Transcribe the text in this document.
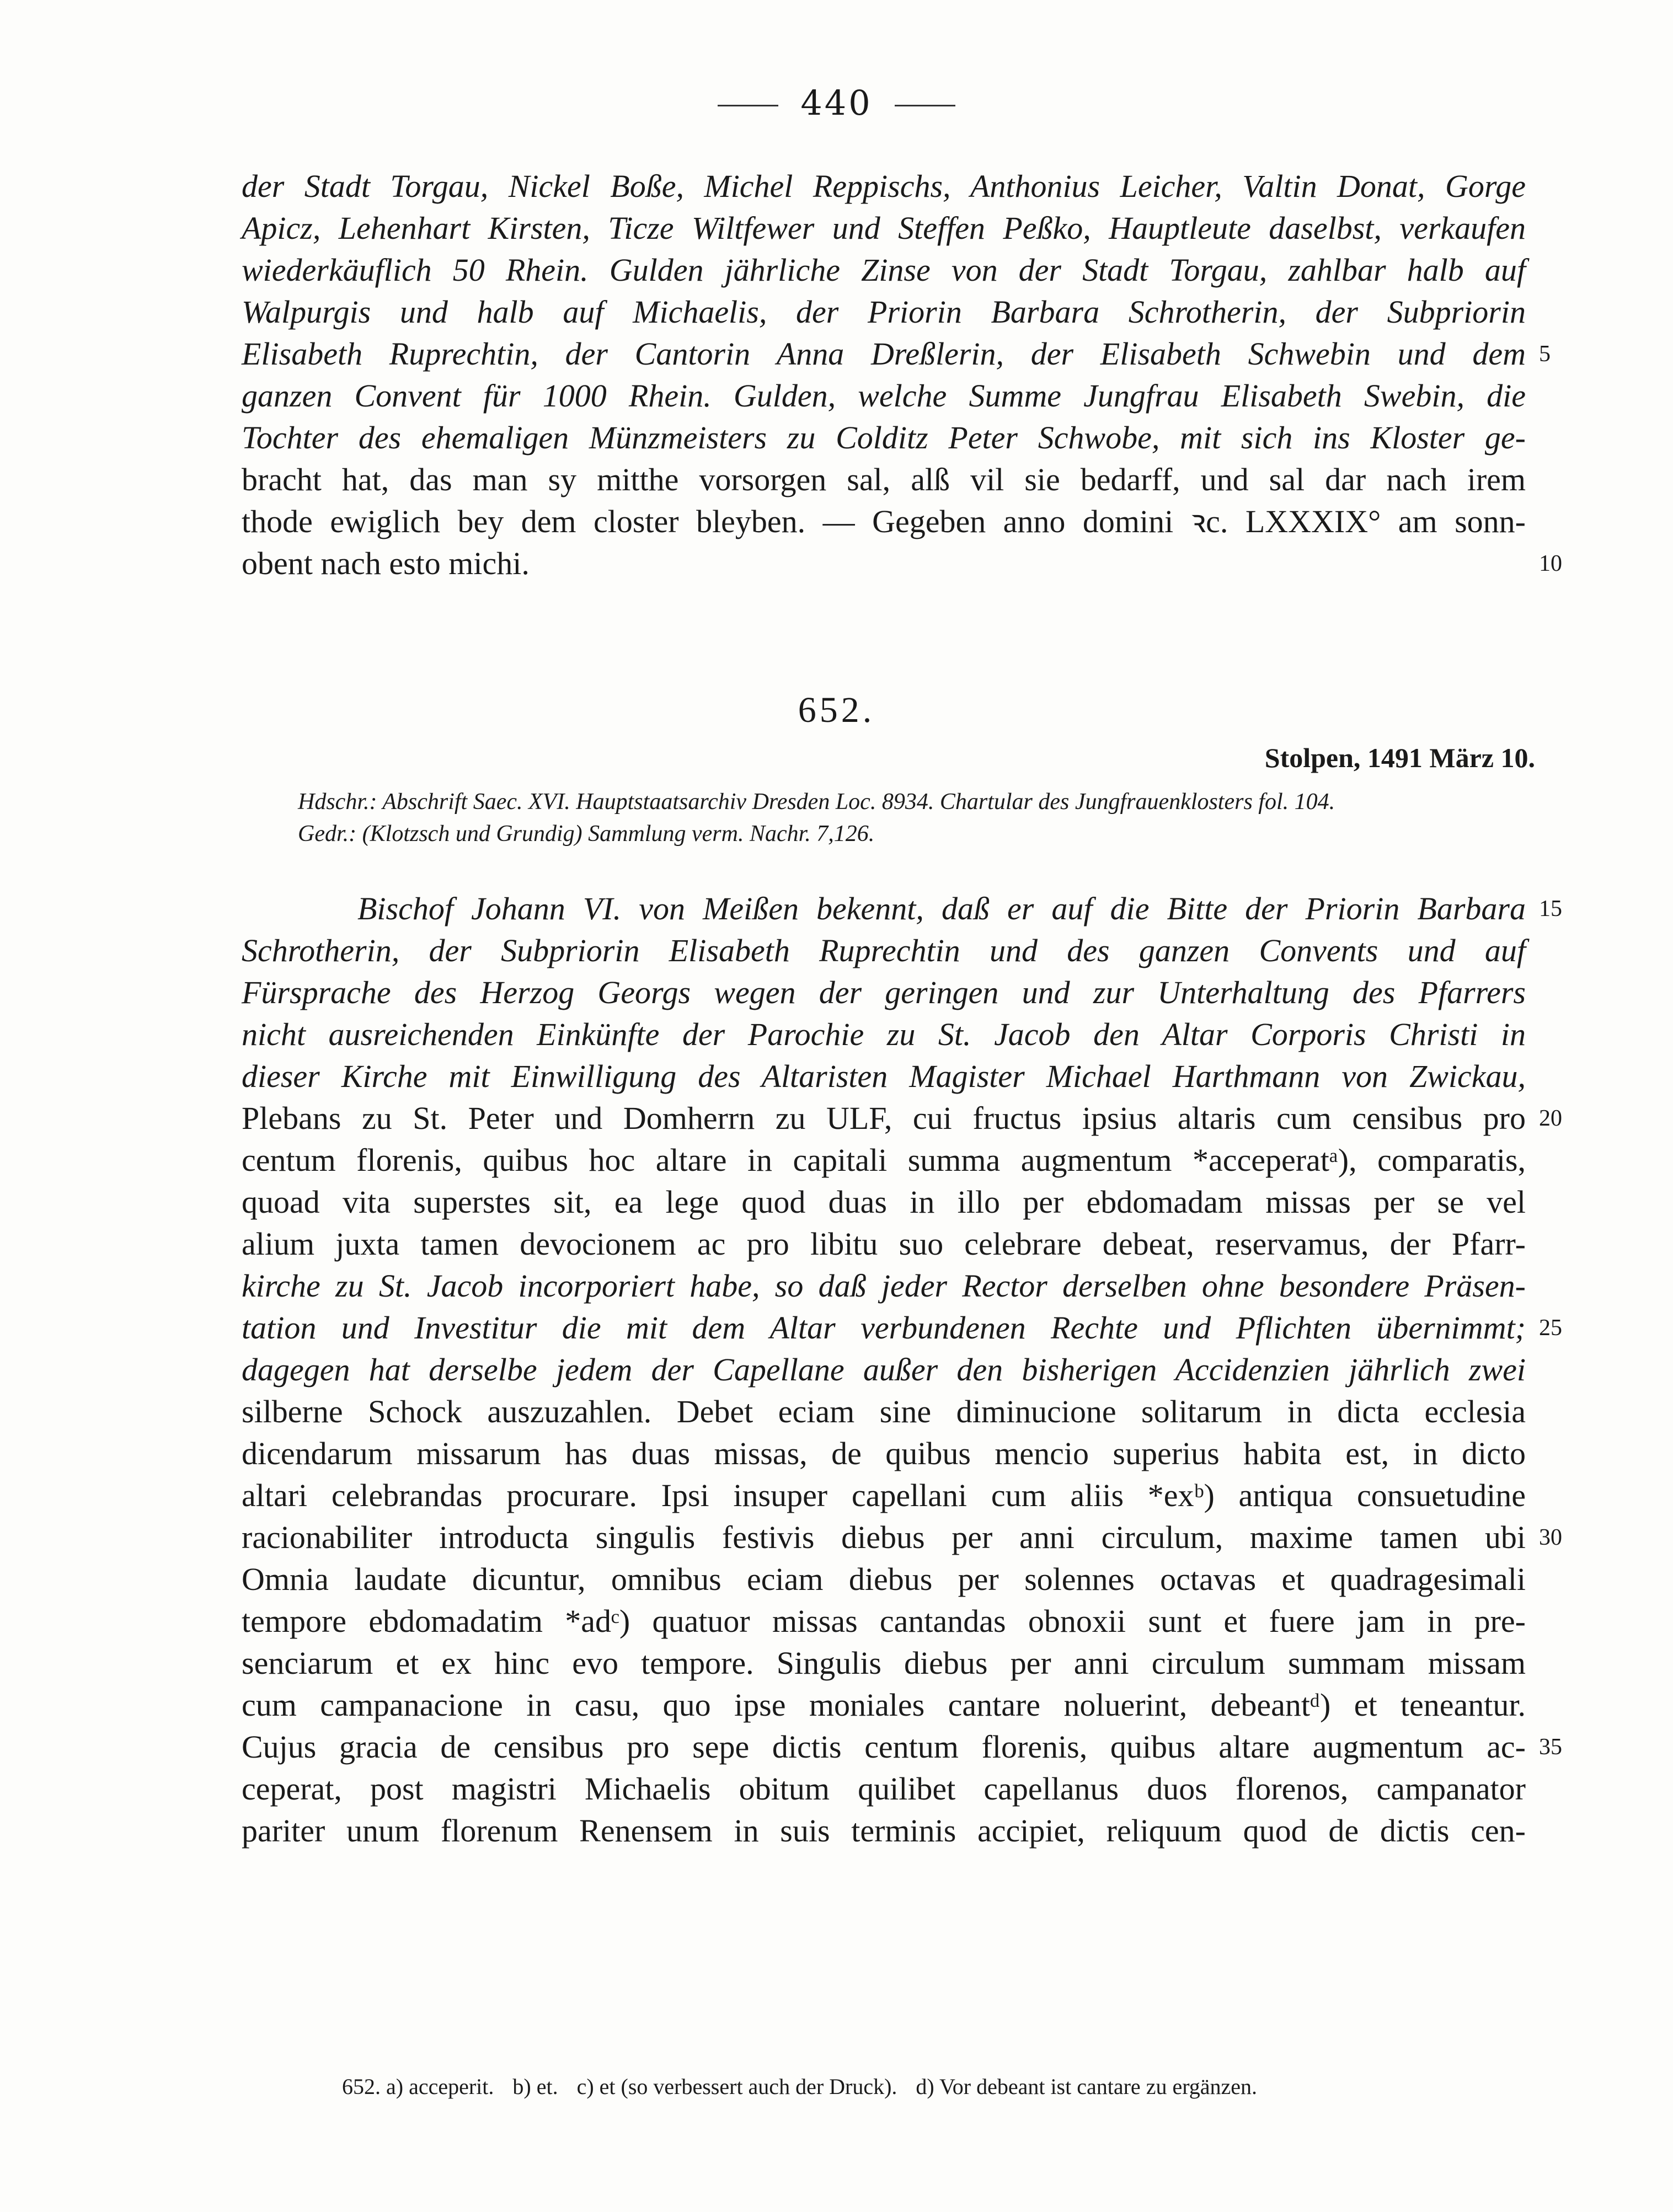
440
der Stadt Torgau, Nickel Boße, Michel Reppischs, Anthonius Leicher, Valtin Donat, Gorge
Apicz, Lehenhart Kirsten, Ticze Wiltfewer und Steffen Peßko, Hauptleute daselbst, verkaufen
wiederkäuflich 50 Rhein. Gulden jährliche Zinse von der Stadt Torgau, zahlbar halb auf
Walpurgis und halb auf Michaelis, der Priorin Barbara Schrotherin, der Subpriorin
Elisabeth Ruprechtin, der Cantorin Anna Dreßlerin, der Elisabeth Schwebin und dem 5
ganzen Convent für 1000 Rhein. Gulden, welche Summe Jungfrau Elisabeth Swebin, die
Tochter des ehemaligen Münzmeisters zu Colditz Peter Schwobe, mit sich ins Kloster ge-
bracht hat, das man sy mitthe vorsorgen sal, alß vil sie bedarff, und sal dar nach irem
thode ewiglich bey dem closter bleyben. — Gegeben anno domini ꝛc. LXXXIX° am sonn-
obent nach esto michi.	10
652.
Stolpen, 1491 März 10.
Hdschr.: Abschrift Saec. XVI. Hauptstaatsarchiv Dresden Loc. 8934. Chartular des Jungfrauenklosters fol. 104.
Gedr.: (Klotzsch und Grundig) Sammlung verm. Nachr. 7,126.
Bischof Johann VI. von Meißen bekennt, daß er auf die Bitte der Priorin Barbara 15
Schrotherin, der Subpriorin Elisabeth Ruprechtin und des ganzen Convents und auf
Fürsprache des Herzog Georgs wegen der geringen und zur Unterhaltung des Pfarrers
nicht ausreichenden Einkünfte der Parochie zu St. Jacob den Altar Corporis Christi in
dieser Kirche mit Einwilligung des Altaristen Magister Michael Harthmann von Zwickau,
Plebans zu St. Peter und Domherrn zu ULF, cui fructus ipsius altaris cum censibus pro 20
centum florenis, quibus hoc altare in capitali summa augmentum *acceperatᵃ), comparatis,
quoad vita superstes sit, ea lege quod duas in illo per ebdomadam missas per se vel
alium juxta tamen devocionem ac pro libitu suo celebrare debeat, reservamus, der Pfarr-
kirche zu St. Jacob incorporiert habe, so daß jeder Rector derselben ohne besondere Präsen-
tation und Investitur die mit dem Altar verbundenen Rechte und Pflichten übernimmt; 25
dagegen hat derselbe jedem der Capellane außer den bisherigen Accidenzien jährlich zwei
silberne Schock auszuzahlen. Debet eciam sine diminucione solitarum in dicta ecclesia
dicendarum missarum has duas missas, de quibus mencio superius habita est, in dicto
altari celebrandas procurare. Ipsi insuper capellani cum aliis *exᵇ) antiqua consuetudine
racionabiliter introducta singulis festivis diebus per anni circulum, maxime tamen ubi 30
Omnia laudate dicuntur, omnibus eciam diebus per solennes octavas et quadragesimali
tempore ebdomadatim *adᶜ) quatuor missas cantandas obnoxii sunt et fuere jam in pre-
senciarum et ex hinc evo tempore. Singulis diebus per anni circulum summam missam
cum campanacione in casu, quo ipse moniales cantare noluerint, debeantᵈ) et teneantur.
Cujus gracia de censibus pro sepe dictis centum florenis, quibus altare augmentum ac- 35
ceperat, post magistri Michaelis obitum quilibet capellanus duos florenos, campanator
pariter unum florenum Renensem in suis terminis accipiet, reliquum quod de dictis cen-
652. a) acceperit. b) et. c) et (so verbessert auch der Druck). d) Vor debeant ist cantare zu ergänzen.
